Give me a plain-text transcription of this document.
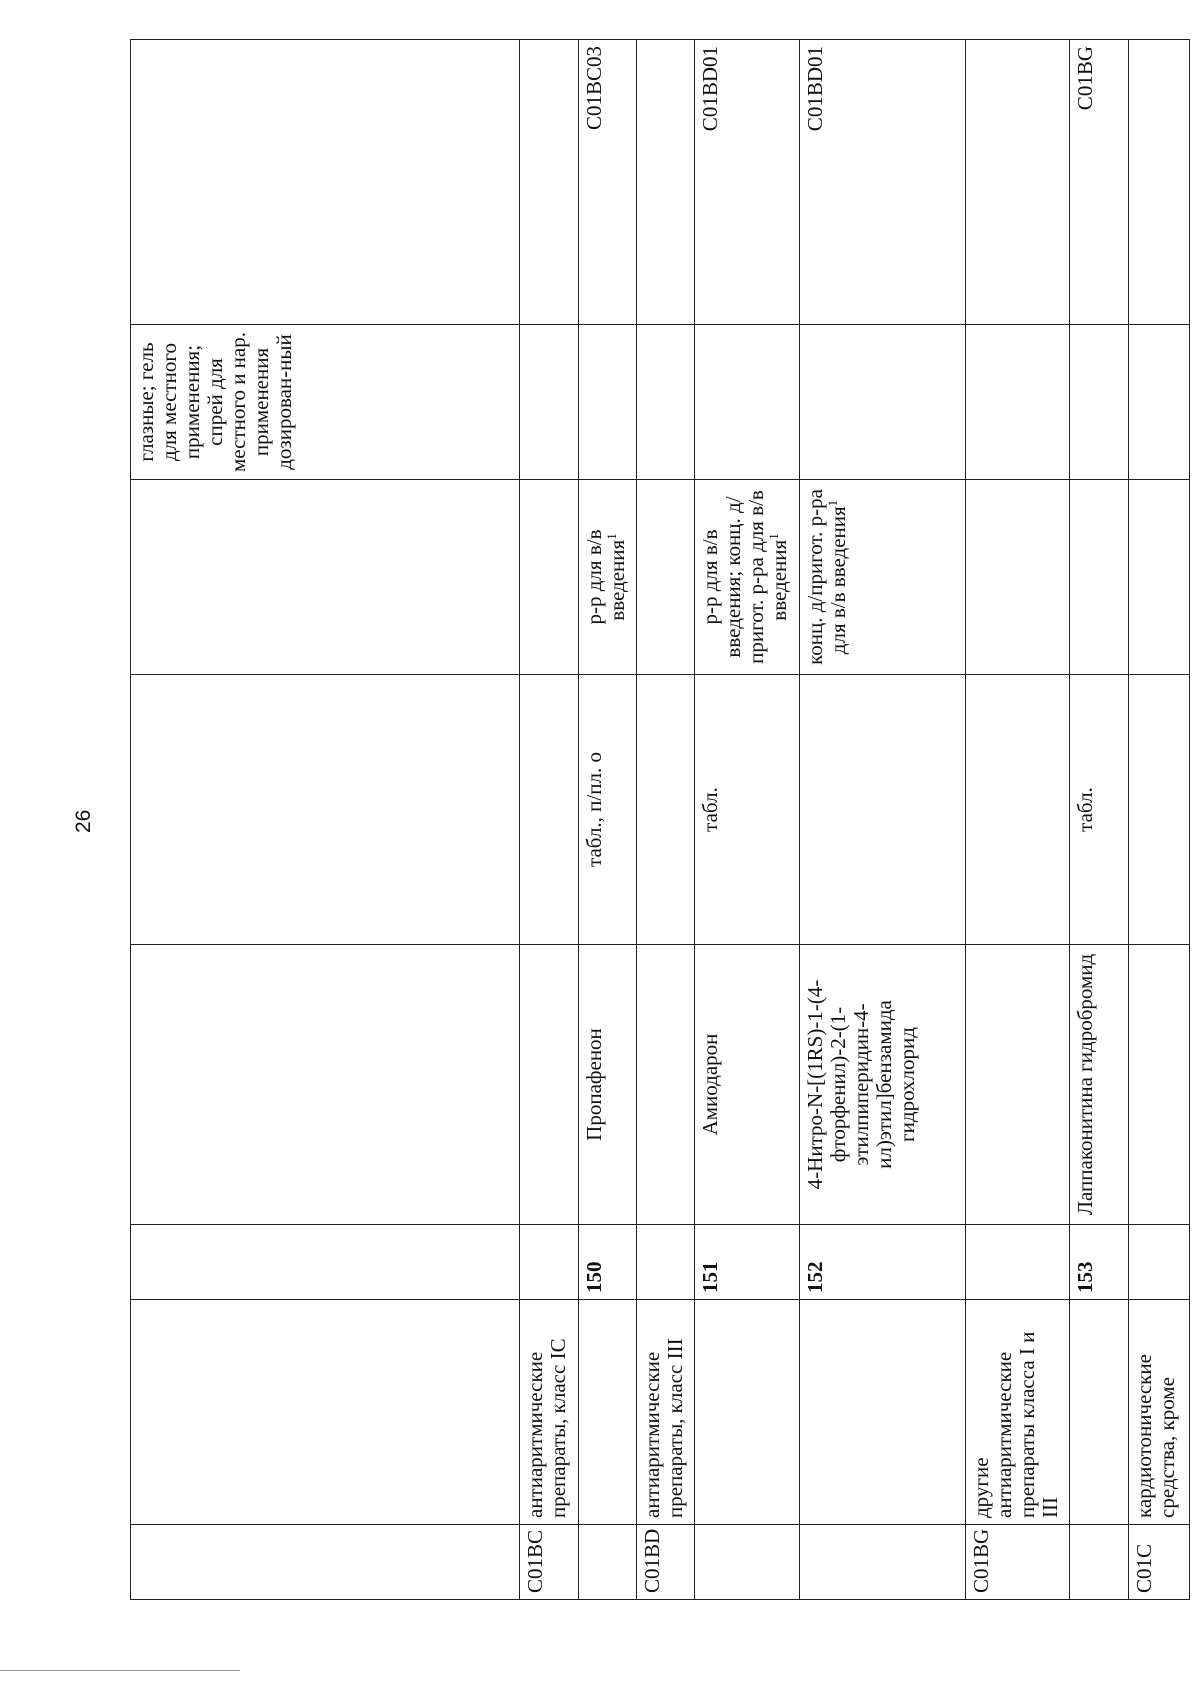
26
						глазные; гель для местного применения; спрей для местного и нар. применения дозирован-ный	
C01BC	антиаритмические препараты, класс IC						
		150	Пропафенон	табл., п/пл. о	р-р для в/в введения$^1$		C01BC03
C01BD	антиаритмические препараты, класс III						
		151	Амиодарон	табл.	р-р для в/в введения; конц. д/пригот. р-ра для в/в введения$^1$		C01BD01
		152	4-Нитро-N-[(1RS)-1-(4-фторфенил)-2-(1-этилпиперидин-4-ил)этил]бензамида гидрохлорид		конц. д/пригот. р-ра для в/в введения$^1$		C01BD01
C01BG	другие антиаритмические препараты класса I и III						
		153	Лаппаконитина гидробромид	табл.			C01BG
C01C	кардиотонические средства, кроме						
